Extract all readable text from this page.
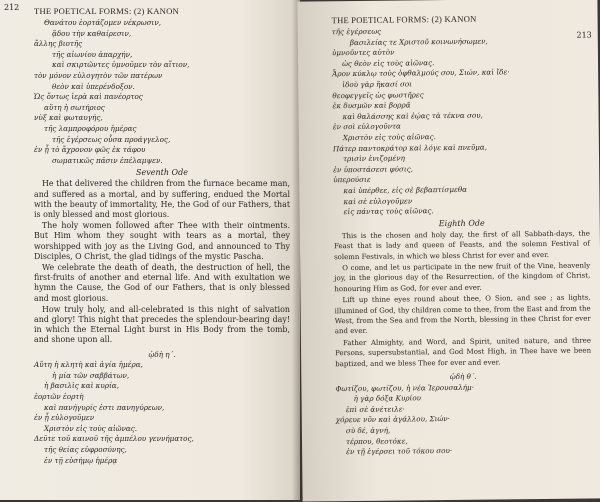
212 THE POETICAL FORMS: (2) KANON
Θανάτου ἑορτάζομεν νέκρωσιν,
ᾅδου τὴν καθαίρεσιν,
ἄλλης βιοτῆς
τῆς αἰωνίου ἀπαρχήν,
καὶ σκιρτῶντες ὑμνοῦμεν τὸν αἴτιον,
τὸν μόνον εὐλογητὸν τῶν πατέρων
θεὸν καὶ ὑπερένδοξον.
Ὡς ὄντως ἱερὰ καὶ πανέορτος
αὕτη ἡ σωτήριος
νὺξ καὶ φωταυγής,
τῆς λαμπροφόρου ἡμέρας
τῆς ἐγέρσεως οὖσα προάγγελος,
ἐν ᾗ τὸ ἄχρονον φῶς ἐκ τάφου
σωματικῶς πᾶσιν ἐπέλαμψεν.
Seventh Ode

He that delivered the children from the furnace became man, and suffered as a mortal, and by suffering, endued the Mortal with the beauty of immortality, He, the God of our Fathers, that is only blessed and most glorious.

The holy women followed after Thee with their ointments. But Him whom they sought with tears as a mortal, they worshipped with joy as the Living God, and announced to Thy Disciples, O Christ, the glad tidings of the mystic Pascha.

We celebrate the death of death, the destruction of hell, the first-fruits of another and eternal life. And with exultation we hymn the Cause, the God of our Fathers, that is only blessed and most glorious.

How truly holy, and all-celebrated is this night of salvation and glory! This night that precedes the splendour-bearing day! in which the Eternal Light burst in His Body from the tomb, and shone upon all.

ᾠδὴ η΄.
Αὕτη ἡ κλητὴ καὶ ἁγία ἡμέρα,
ἡ μία τῶν σαββάτων,
ἡ βασιλὶς καὶ κυρία,
ἑορτῶν ἑορτὴ
καὶ πανήγυρίς ἐστι πανηγύρεων,
ἐν ᾗ εὐλογοῦμεν
Χριστὸν εἰς τοὺς αἰῶνας.
Δεῦτε τοῦ καινοῦ τῆς ἀμπέλου γεννήματος,
τῆς θείας εὐφροσύνης,
ἐν τῇ εὐσήμῳ ἡμέρᾳ
213
THE POETICAL FORMS: (2) KANON
τῆς ἐγέρσεως
βασιλείας τε Χριστοῦ κοινωνήσωμεν,
ὑμνοῦντες αὐτὸν
ὡς θεὸν εἰς τοὺς αἰῶνας.
Ἆρον κύκλῳ τοὺς ὀφθαλμούς σου, Σιών, καὶ ἴδε·
ἰδοὺ γὰρ ἥκασί σοι
θεοφεγγεῖς ὡς φωστῆρες
ἐκ δυσμῶν καὶ βορρᾶ
καὶ θαλάσσης καὶ ἑῴας τὰ τέκνα σου,
ἐν σοὶ εὐλογοῦντα
Χριστὸν εἰς τοὺς αἰῶνας.
Πάτερ παντοκράτορ καὶ λόγε καὶ πνεῦμα,
τρισὶν ἑνιζομένη
ἐν ὑποστάσεσι φύσις,
ὑπερούσιε
καὶ ὑπέρθεε, εἰς σὲ βεβαπτίσμεθα
καὶ σὲ εὐλογοῦμεν
εἰς πάντας τοὺς αἰῶνας.
Eighth Ode

This is the chosen and holy day, the first of all Sabbath-days, the Feast that is lady and queen of Feasts, and the solemn Festival of solemn Festivals, in which we bless Christ for ever and ever.

O come, and let us participate in the new fruit of the Vine, heavenly joy, in the glorious day of the Resurrection, of the kingdom of Christ, honouring Him as God, for ever and ever.

Lift up thine eyes round about thee, O Sion, and see ; as lights, illumined of God, thy children come to thee, from the East and from the West, from the Sea and from the North, blessing in thee Christ for ever and ever.

Father Almighty, and Word, and Spirit, united nature, and three Persons, supersubstantial, and God Most High, in Thee have we been baptized, and we bless Thee for ever and ever.

ᾠδὴ θ΄.
Φωτίζου, φωτίζου, ἡ νέα Ἱερουσαλήμ·
ἡ γὰρ δόξα Κυρίου
ἐπὶ σὲ ἀνέτειλε·
χόρευε νῦν καὶ ἀγάλλου, Σιών·
σὺ δέ, ἁγνή,
τέρπου, θεοτόκε,
ἐν τῇ ἐγέρσει τοῦ τόκου σου·
